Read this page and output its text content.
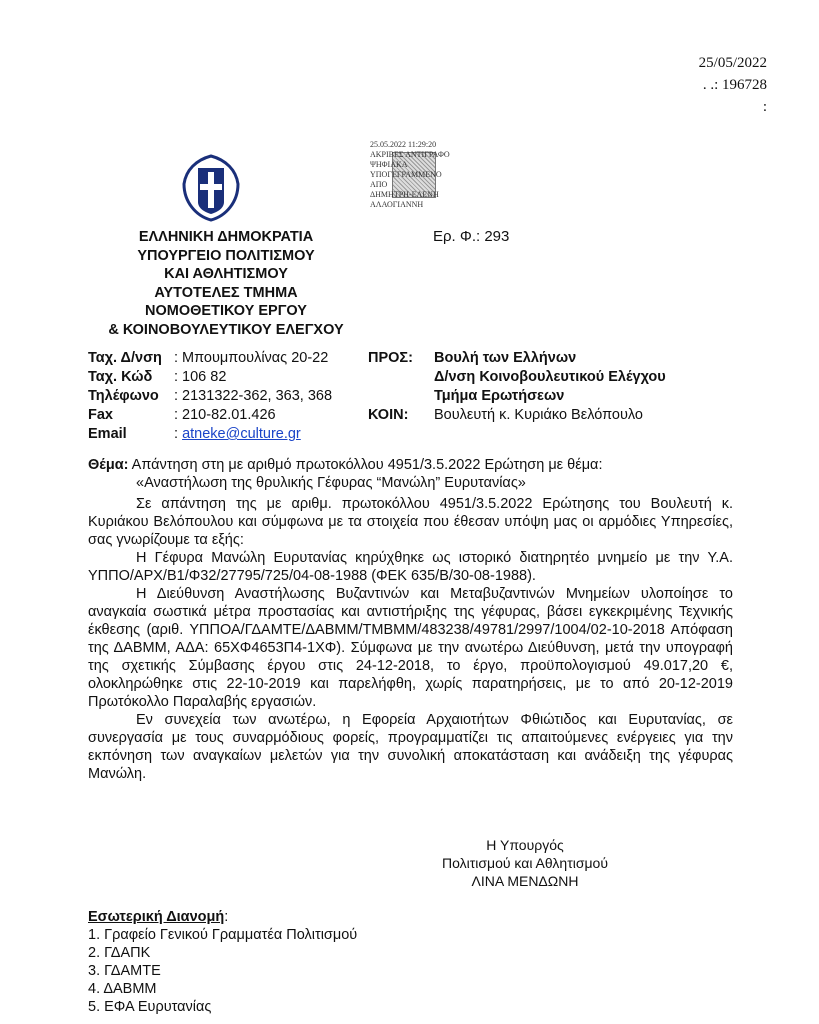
25/05/2022
. .: 196728
:
25.05.2022 11:29:20
ΑΚΡΙΒΕΣ ΑΝΤΙΓΡΑΦΟ
ΨΗΦΙΑΚΑ
ΥΠΟΓΕΓΡΑΜΜΕΝΟ
ΑΠΟ
ΔΗΜΗΤΡΗ-ΕΛΕΝΗ
ΑΛΑΟΓΙΑΝΝΗ
ΕΛΛΗΝΙΚΗ ΔΗΜΟΚΡΑΤΙΑ
ΥΠΟΥΡΓΕΙΟ ΠΟΛΙΤΙΣΜΟΥ
ΚΑΙ ΑΘΛΗΤΙΣΜΟΥ
ΑΥΤΟΤΕΛΕΣ ΤΜΗΜΑ
ΝΟΜΟΘΕΤΙΚΟΥ ΕΡΓΟΥ
& ΚΟΙΝΟΒΟΥΛΕΥΤΙΚΟΥ ΕΛΕΓΧΟΥ
Ερ. Φ.: 293
Ταχ. Δ/νση : Μπουμπουλίνας 20-22
Ταχ. Κώδ	: 106 82
Τηλέφωνο	: 2131322-362, 363, 368
Fax	: 210-82.01.426
Email	: atneke@culture.gr
ΠΡΟΣ:	Βουλή των Ελλήνων
Δ/νση Κοινοβουλευτικού Ελέγχου
Τμήμα Ερωτήσεων
ΚΟΙΝ:	Βουλευτή κ. Κυριάκο Βελόπουλο
Θέμα: Απάντηση στη με αριθμό πρωτοκόλλου 4951/3.5.2022 Ερώτηση με θέμα:
«Αναστήλωση της θρυλικής Γέφυρας “Μανώλη” Ευρυτανίας»

Σε απάντηση της με αριθμ. πρωτοκόλλου 4951/3.5.2022 Ερώτησης του Βουλευτή κ. Κυριάκου Βελόπουλου και σύμφωνα με τα στοιχεία που έθεσαν υπόψη μας οι αρμόδιες Υπηρεσίες, σας γνωρίζουμε τα εξής:

Η Γέφυρα Μανώλη Ευρυτανίας κηρύχθηκε ως ιστορικό διατηρητέο μνημείο με την Υ.Α. ΥΠΠΟ/ΑΡΧ/Β1/Φ32/27795/725/04-08-1988 (ΦΕΚ 635/Β/30-08-1988).

Η Διεύθυνση Αναστήλωσης Βυζαντινών και Μεταβυζαντινών Μνημείων υλοποίησε το αναγκαία σωστικά μέτρα προστασίας και αντιστήριξης της γέφυρας, βάσει εγκεκριμένης Τεχνικής έκθεσης (αριθ. ΥΠΠΟΑ/ΓΔΑΜΤΕ/ΔΑΒΜΜ/ΤΜΒΜΜ/483238/49781/2997/1004/02-10-2018 Απόφαση της ΔΑΒΜΜ, ΑΔΑ: 65ΧΦ4653Π4-1ΧΦ). Σύμφωνα με την ανωτέρω Διεύθυνση, μετά την υπογραφή της σχετικής Σύμβασης έργου στις 24-12-2018, το έργο, προϋπολογισμού 49.017,20 €, ολοκληρώθηκε στις 22-10-2019 και παρελήφθη, χωρίς παρατηρήσεις, με το από 20-12-2019 Πρωτόκολλο Παραλαβής εργασιών.

Εν συνεχεία των ανωτέρω, η Εφορεία Αρχαιοτήτων Φθιώτιδος και Ευρυτανίας, σε συνεργασία με τους συναρμόδιους φορείς, προγραμματίζει τις απαιτούμενες ενέργειες για την εκπόνηση των αναγκαίων μελετών για την συνολική αποκατάσταση και ανάδειξη της γέφυρας Μανώλη.

Η Υπουργός
Πολιτισμού και Αθλητισμού
ΛΙΝΑ ΜΕΝΔΩΝΗ
Εσωτερική Διανομή:
1. Γραφείο Γενικού Γραμματέα Πολιτισμού
2. ΓΔΑΠΚ
3. ΓΔΑΜΤΕ
4. ΔΑΒΜΜ
5. ΕΦΑ Ευρυτανίας
